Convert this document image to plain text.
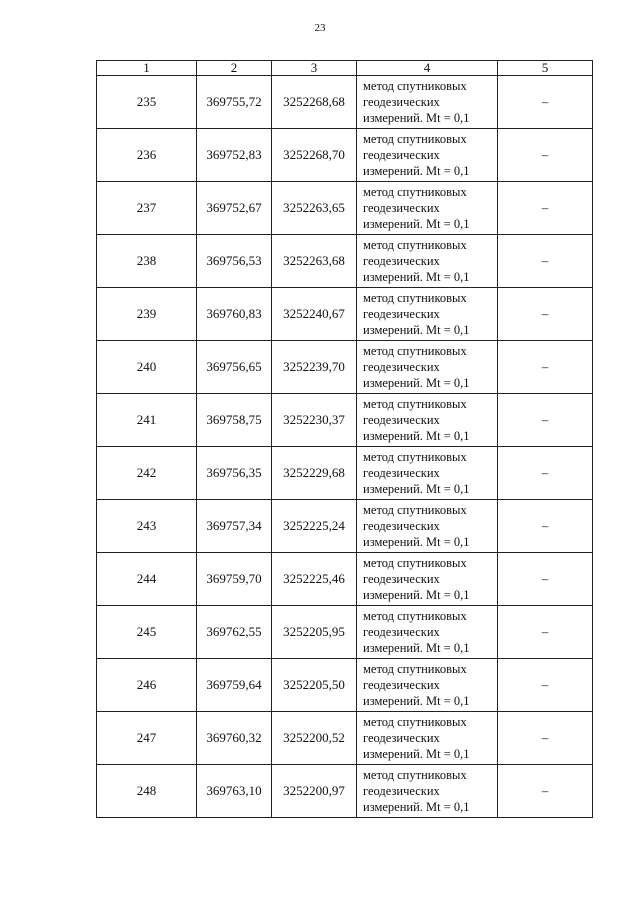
23
1	2	3	4	5
235	369755,72	3252268,68	метод спутниковых
геодезических
измерений. Mt = 0,1	–
236	369752,83	3252268,70	метод спутниковых
геодезических
измерений. Mt = 0,1	–
237	369752,67	3252263,65	метод спутниковых
геодезических
измерений. Mt = 0,1	–
238	369756,53	3252263,68	метод спутниковых
геодезических
измерений. Mt = 0,1	–
239	369760,83	3252240,67	метод спутниковых
геодезических
измерений. Mt = 0,1	–
240	369756,65	3252239,70	метод спутниковых
геодезических
измерений. Mt = 0,1	–
241	369758,75	3252230,37	метод спутниковых
геодезических
измерений. Mt = 0,1	–
242	369756,35	3252229,68	метод спутниковых
геодезических
измерений. Mt = 0,1	–
243	369757,34	3252225,24	метод спутниковых
геодезических
измерений. Mt = 0,1	–
244	369759,70	3252225,46	метод спутниковых
геодезических
измерений. Mt = 0,1	–
245	369762,55	3252205,95	метод спутниковых
геодезических
измерений. Mt = 0,1	–
246	369759,64	3252205,50	метод спутниковых
геодезических
измерений. Mt = 0,1	–
247	369760,32	3252200,52	метод спутниковых
геодезических
измерений. Mt = 0,1	–
248	369763,10	3252200,97	метод спутниковых
геодезических
измерений. Mt = 0,1	–
